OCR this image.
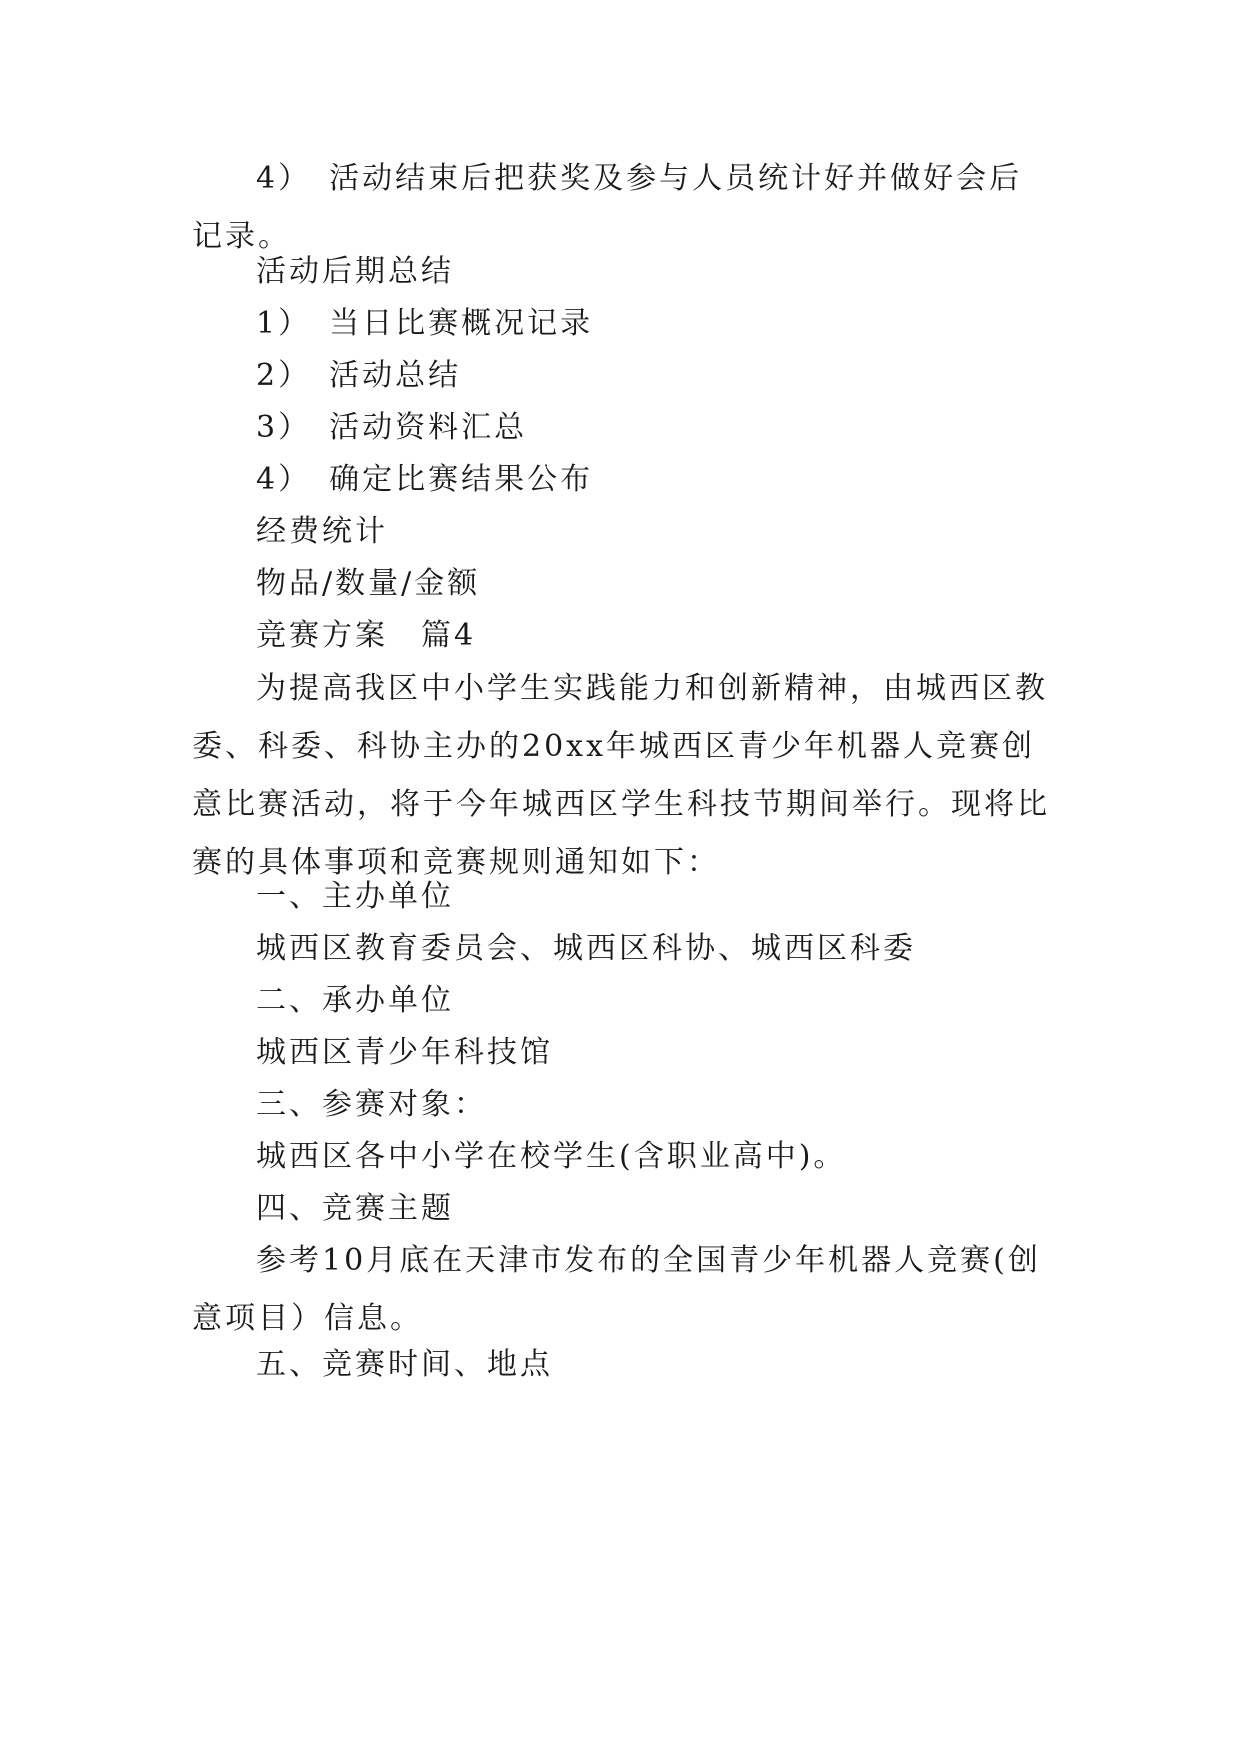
4）　活动结束后把获奖及参与人员统计好并做好会后记录。

活动后期总结

1）　当日比赛概况记录

2）　活动总结

3）　活动资料汇总

4）　确定比赛结果公布

经费统计

物品/数量/金额

竞赛方案　篇4

为提高我区中小学生实践能力和创新精神，由城西区教委、科委、科协主办的20xx年城西区青少年机器人竞赛创意比赛活动，将于今年城西区学生科技节期间举行。现将比赛的具体事项和竞赛规则通知如下：

一、主办单位

城西区教育委员会、城西区科协、城西区科委

二、承办单位

城西区青少年科技馆

三、参赛对象：

城西区各中小学在校学生(含职业高中)。

四、竞赛主题

参考10月底在天津市发布的全国青少年机器人竞赛(创意项目）信息。

五、竞赛时间、地点
